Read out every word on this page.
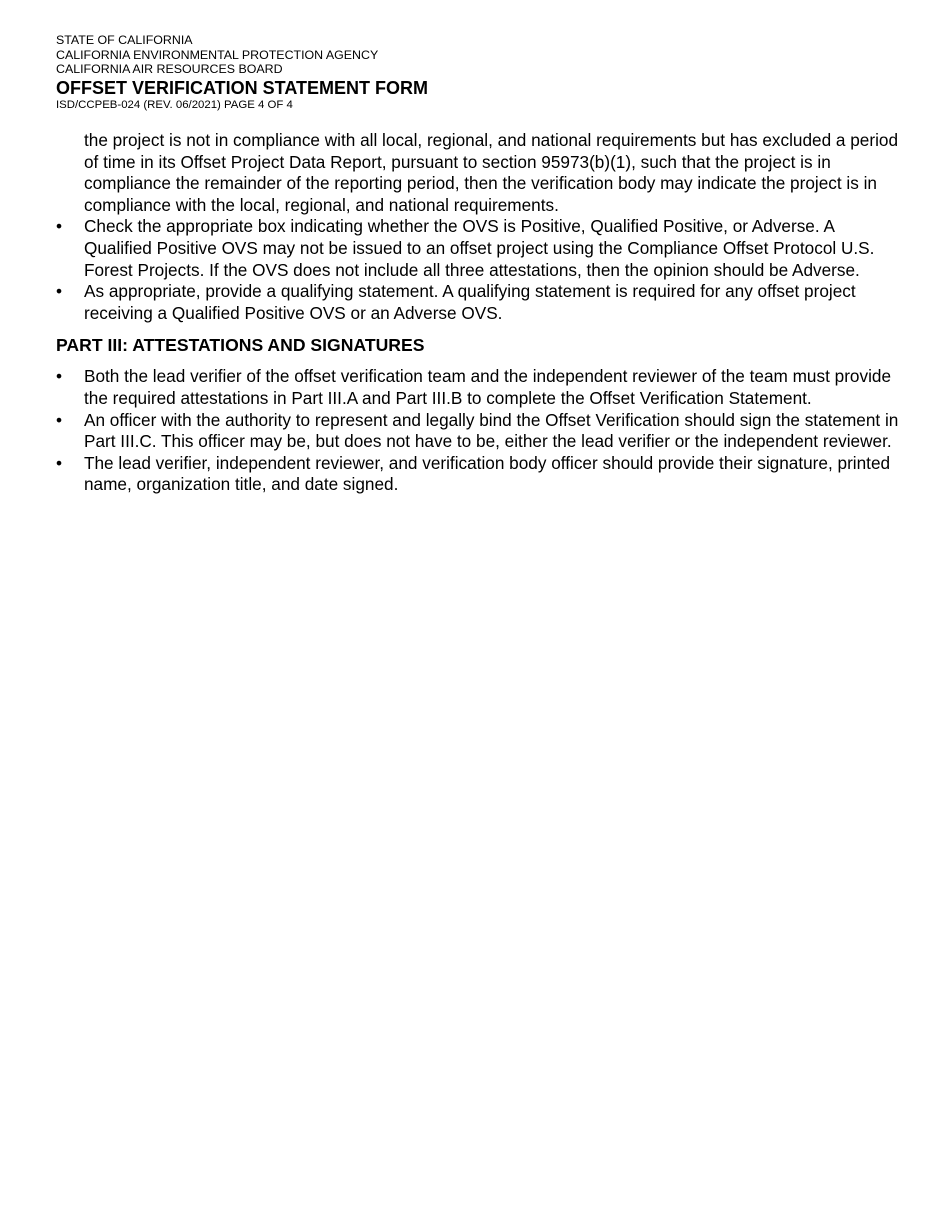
STATE OF CALIFORNIA

CALIFORNIA ENVIRONMENTAL PROTECTION AGENCY

CALIFORNIA AIR RESOURCES BOARD

OFFSET VERIFICATION STATEMENT FORM

ISD/CCPEB-024 (REV. 06/2021) PAGE 4 OF 4

the project is not in compliance with all local, regional, and national requirements but has excluded a period of time in its Offset Project Data Report, pursuant to section 95973(b)(1), such that the project is in compliance the remainder of the reporting period, then the verification body may indicate the project is in compliance with the local, regional, and national requirements.

•	Check the appropriate box indicating whether the OVS is Positive, Qualified Positive, or Adverse. A Qualified Positive OVS may not be issued to an offset project using the Compliance Offset Protocol U.S. Forest Projects. If the OVS does not include all three attestations, then the opinion should be Adverse.
•	As appropriate, provide a qualifying statement. A qualifying statement is required for any offset project receiving a Qualified Positive OVS or an Adverse OVS.
PART III: ATTESTATIONS AND SIGNATURES
•	Both the lead verifier of the offset verification team and the independent reviewer of the team must provide the required attestations in Part III.A and Part III.B to complete the Offset Verification Statement.
•	An officer with the authority to represent and legally bind the Offset Verification should sign the statement in Part III.C. This officer may be, but does not have to be, either the lead verifier or the independent reviewer.
•	The lead verifier, independent reviewer, and verification body officer should provide their signature, printed name, organization title, and date signed.
